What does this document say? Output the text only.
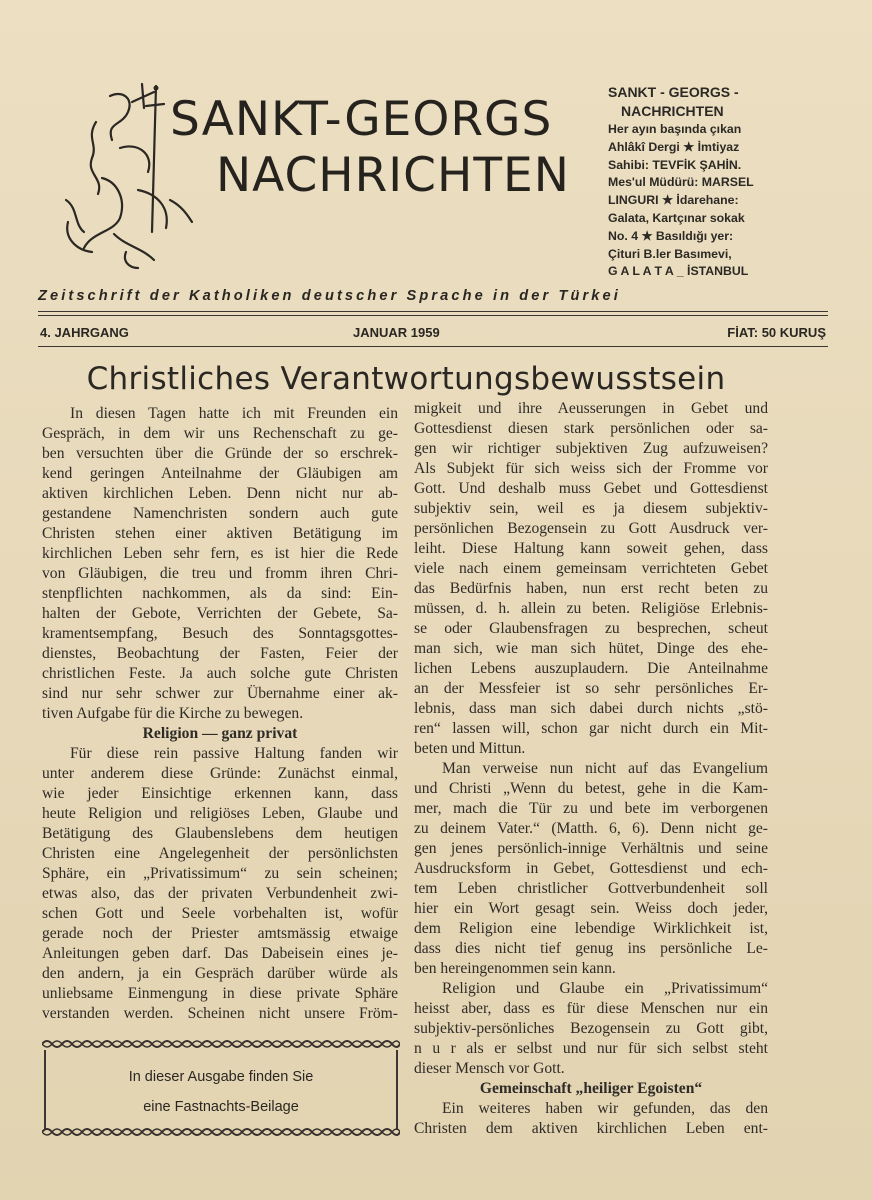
SANKT-GEORGS
NACHRICHTEN
SANKT - GEORGS -
NACHRICHTEN
Her ayın başında çıkan
Ahlâkî Dergi ★ İmtiyaz
Sahibi: TEVFİK ŞAHİN.
Mes'ul Müdürü: MARSEL
LINGURI ★ İdarehane:
Galata, Kartçınar sokak
No. 4 ★ Basıldığı yer:
Çituri B.ler Basımevi,
G A L A T A _ İSTANBUL
Zeitschrift der Katholiken deutscher Sprache in der Türkei
4. JAHRGANG	JANUAR 1959	FİAT: 50 KURUŞ
Christliches Verantwortungsbewusstsein
In diesen Tagen hatte ich mit Freunden ein
Gespräch, in dem wir uns Rechenschaft zu ge-
ben versuchten über die Gründe der so erschrek-
kend geringen Anteilnahme der Gläubigen am
aktiven kirchlichen Leben. Denn nicht nur ab-
gestandene Namenchristen sondern auch gute
Christen stehen einer aktiven Betätigung im
kirchlichen Leben sehr fern, es ist hier die Rede
von Gläubigen, die treu und fromm ihren Chri-
stenpflichten nachkommen, als da sind: Ein-
halten der Gebote, Verrichten der Gebete, Sa-
kramentsempfang, Besuch des Sonntagsgottes-
dienstes, Beobachtung der Fasten, Feier der
christlichen Feste. Ja auch solche gute Christen
sind nur sehr schwer zur Übernahme einer ak-
tiven Aufgabe für die Kirche zu bewegen.
Religion — ganz privat
Für diese rein passive Haltung fanden wir
unter anderem diese Gründe: Zunächst einmal,
wie jeder Einsichtige erkennen kann, dass
heute Religion und religiöses Leben, Glaube und
Betätigung des Glaubenslebens dem heutigen
Christen eine Angelegenheit der persönlichsten
Sphäre, ein „Privatissimum“ zu sein scheinen;
etwas also, das der privaten Verbundenheit zwi-
schen Gott und Seele vorbehalten ist, wofür
gerade noch der Priester amtsmässig etwaige
Anleitungen geben darf. Das Dabeisein eines je-
den andern, ja ein Gespräch darüber würde als
unliebsame Einmengung in diese private Sphäre
verstanden werden. Scheinen nicht unsere Fröm-
migkeit und ihre Aeusserungen in Gebet und
Gottesdienst diesen stark persönlichen oder sa-
gen wir richtiger subjektiven Zug aufzuweisen?
Als Subjekt für sich weiss sich der Fromme vor
Gott. Und deshalb muss Gebet und Gottesdienst
subjektiv sein, weil es ja diesem subjektiv-
persönlichen Bezogensein zu Gott Ausdruck ver-
leiht. Diese Haltung kann soweit gehen, dass
viele nach einem gemeinsam verrichteten Gebet
das Bedürfnis haben, nun erst recht beten zu
müssen, d. h. allein zu beten. Religiöse Erlebnis-
se oder Glaubensfragen zu besprechen, scheut
man sich, wie man sich hütet, Dinge des ehe-
lichen Lebens auszuplaudern. Die Anteilnahme
an der Messfeier ist so sehr persönliches Er-
lebnis, dass man sich dabei durch nichts „stö-
ren“ lassen will, schon gar nicht durch ein Mit-
beten und Mittun.
Man verweise nun nicht auf das Evangelium
und Christi „Wenn du betest, gehe in die Kam-
mer, mach die Tür zu und bete im verborgenen
zu deinem Vater.“ (Matth. 6, 6). Denn nicht ge-
gen jenes persönlich-innige Verhältnis und seine
Ausdrucksform in Gebet, Gottesdienst und ech-
tem Leben christlicher Gottverbundenheit soll
hier ein Wort gesagt sein. Weiss doch jeder,
dem Religion eine lebendige Wirklichkeit ist,
dass dies nicht tief genug ins persönliche Le-
ben hereingenommen sein kann.
Religion und Glaube ein „Privatissimum“
heisst aber, dass es für diese Menschen nur ein
subjektiv-persönliches Bezogensein zu Gott gibt,
n u r als er selbst und nur für sich selbst steht
dieser Mensch vor Gott.
Gemeinschaft „heiliger Egoisten“
Ein weiteres haben wir gefunden, das den
Christen dem aktiven kirchlichen Leben ent-
In dieser Ausgabe finden Sie
eine Fastnachts-Beilage
